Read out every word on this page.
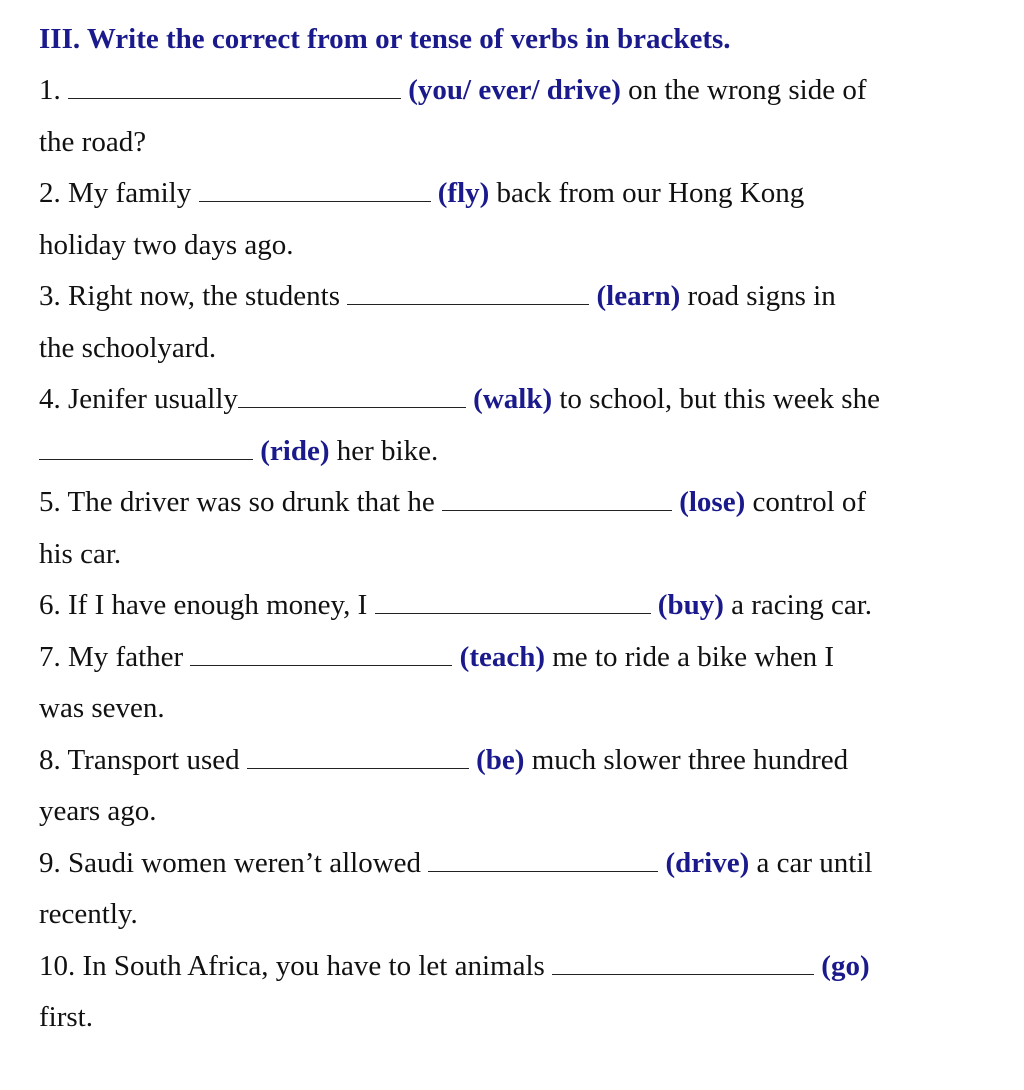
III. Write the correct from or tense of verbs in brackets.

1.	(you/ ever/ drive) on the wrong side of

the road?

2. My family	(fly) back from our Hong Kong

holiday two days ago.

3. Right now, the students	(learn) road signs in

the schoolyard.

4. Jenifer usually	(walk) to school, but this week she

(ride) her bike.

5. The driver was so drunk that he	(lose) control of

his car.

6. If I have enough money, I	(buy) a racing car.

7. My father	(teach) me to ride a bike when I

was seven.

8. Transport used	(be) much slower three hundred

years ago.

9. Saudi women weren’t allowed	(drive) a car until

recently.

10. In South Africa, you have to let animals	(go)

first.
